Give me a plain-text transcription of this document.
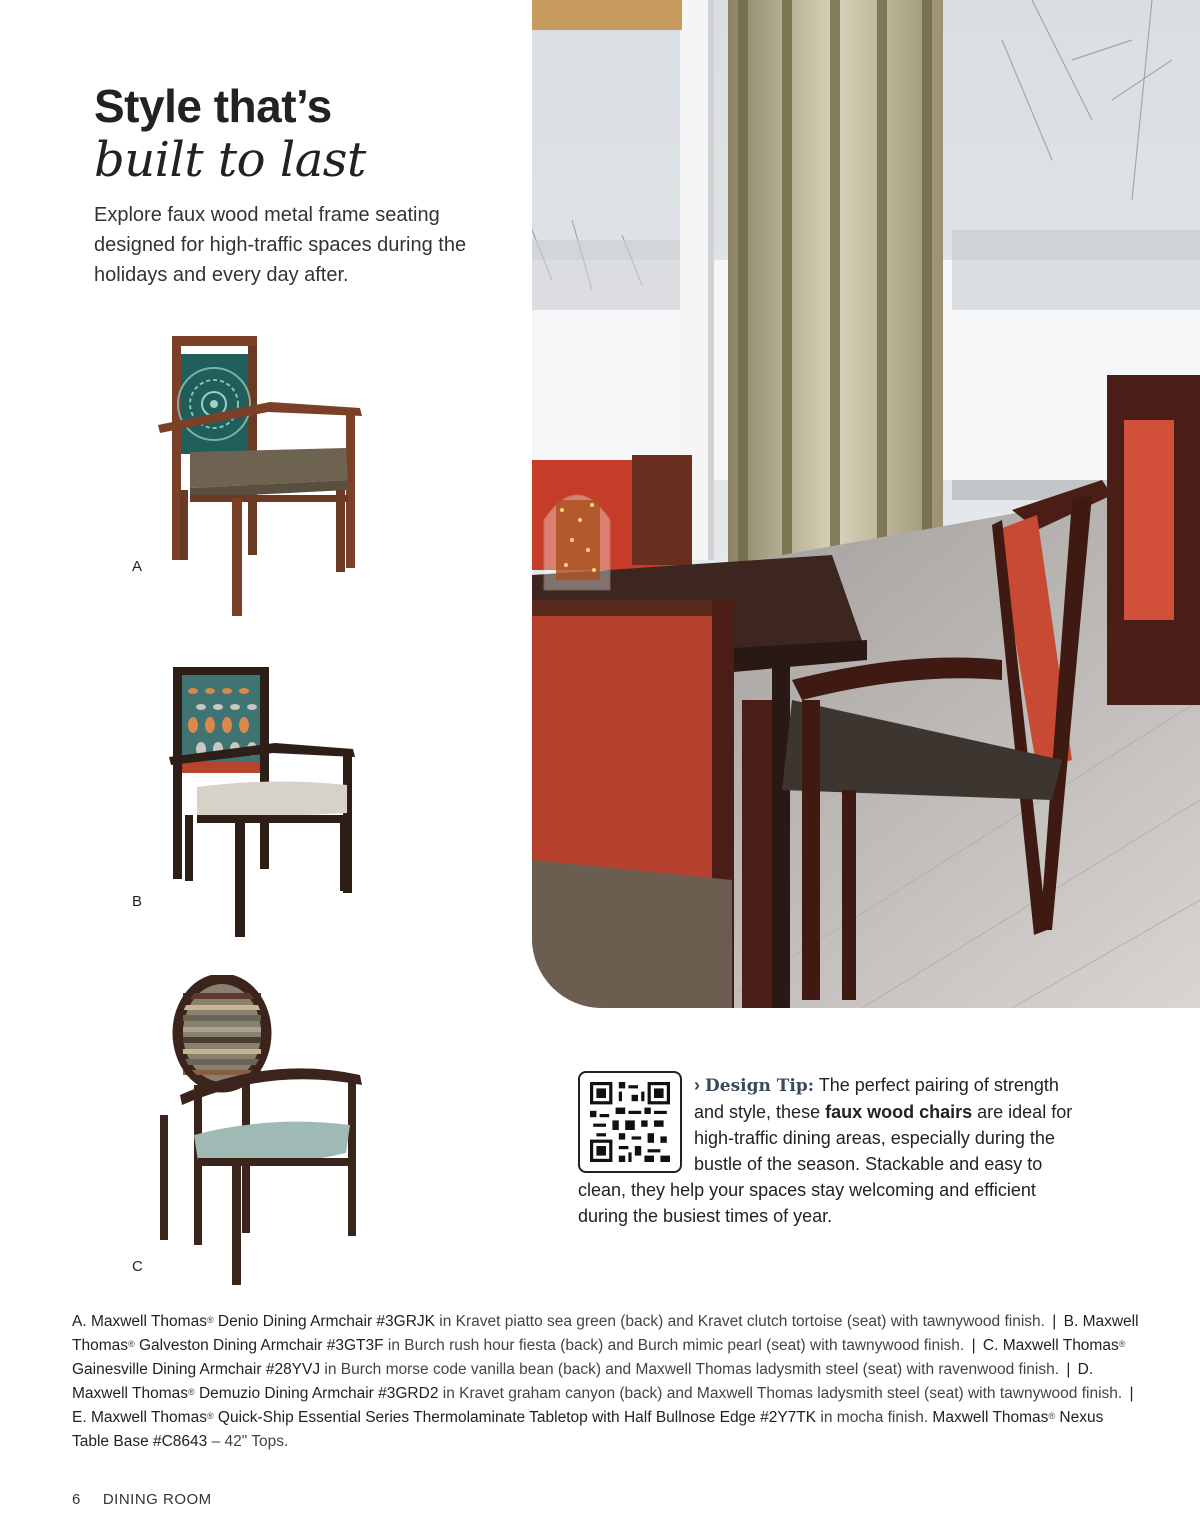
Style that’s
built to last

Explore faux wood metal frame seating designed for high-traffic spaces during the holidays and every day after.

A
B
C
› Design Tip: The perfect pairing of strength and style, these faux wood chairs are ideal for high-traffic dining areas, especially during the bustle of the season. Stackable and easy to clean, they help your spaces stay welcoming and efficient during the busiest times of year.

A. Maxwell Thomas® Denio Dining Armchair #3GRJK in Kravet piatto sea green (back) and Kravet clutch tortoise (seat) with tawnywood finish. | B. Maxwell Thomas® Galveston Dining Armchair #3GT3F in Burch rush hour fiesta (back) and Burch mimic pearl (seat) with tawnywood finish. | C. Maxwell Thomas® Gainesville Dining Armchair #28YVJ in Burch morse code vanilla bean (back) and Maxwell Thomas ladysmith steel (seat) with ravenwood finish. | D. Maxwell Thomas® Demuzio Dining Armchair #3GRD2 in Kravet graham canyon (back) and Maxwell Thomas ladysmith steel (seat) with tawnywood finish. | E. Maxwell Thomas® Quick-Ship Essential Series Thermolaminate Tabletop with Half Bullnose Edge #2Y7TK in mocha finish. Maxwell Thomas® Nexus Table Base #C8643 – 42" Tops.

6 DINING ROOM
